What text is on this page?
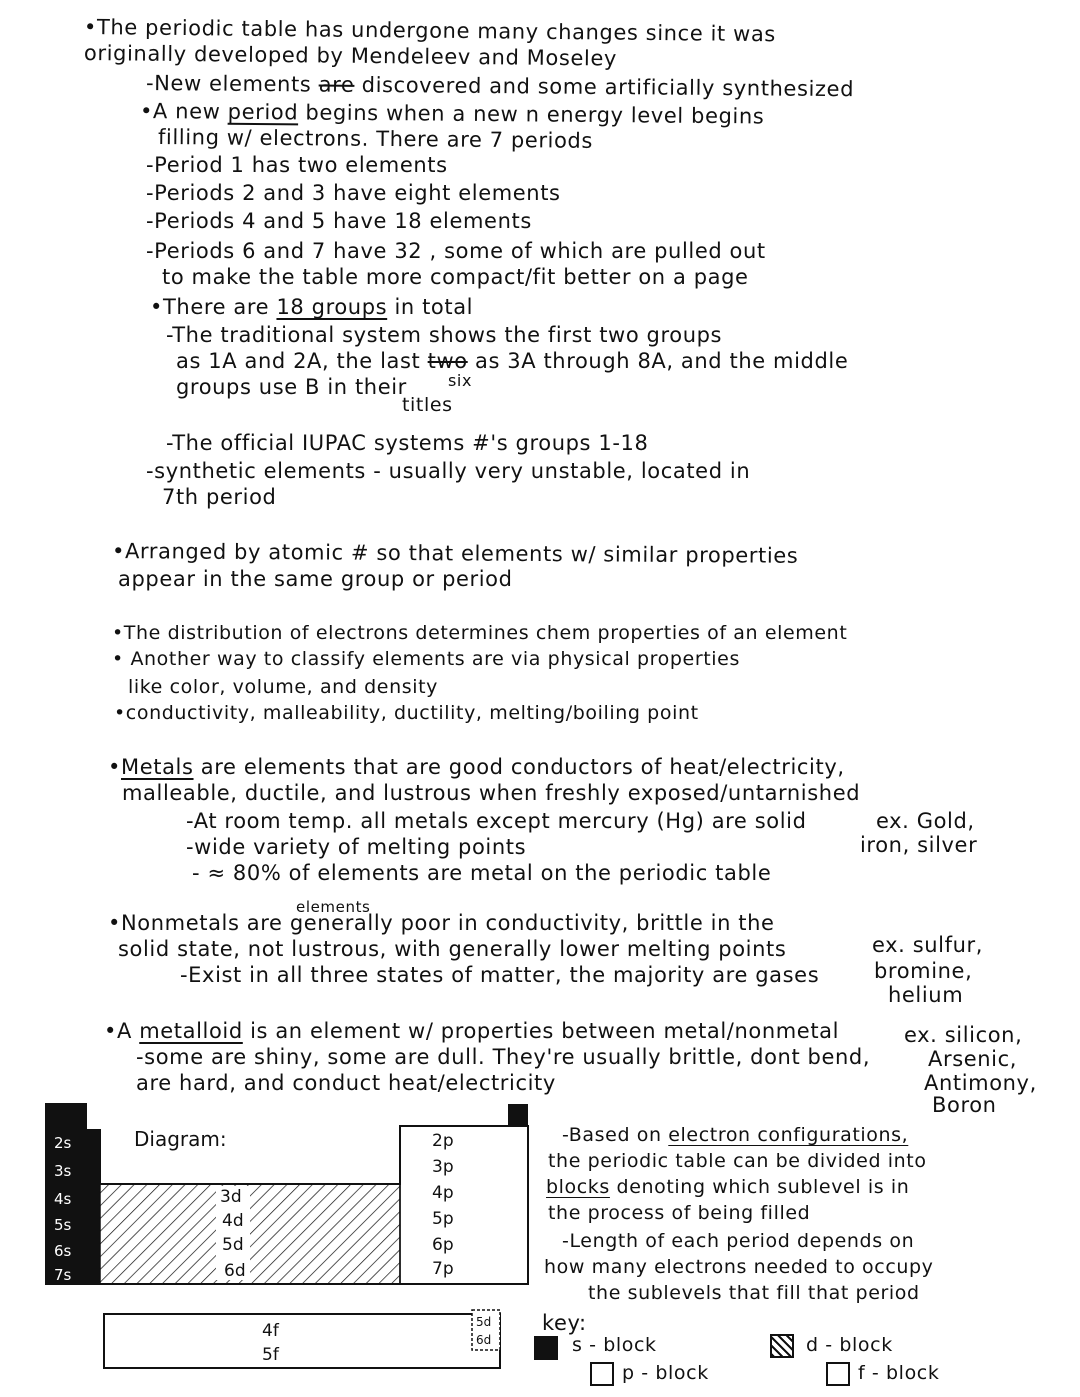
•The periodic table has undergone many changes since it was
originally developed by Mendeleev and Moseley
-New elements are discovered and some artificially synthesized
•A new period begins when a new n energy level begins
filling w/ electrons. There are 7 periods
-Period 1 has two elements
-Periods 2 and 3 have eight elements
-Periods 4 and 5 have 18 elements
-Periods 6 and 7 have 32 , some of which are pulled out
to make the table more compact/fit better on a page
•There are 18 groups in total
-The traditional system shows the first two groups
as 1A and 2A, the last two as 3A through 8A, and the middle
groups use B in their	six
titles
-The official IUPAC systems #'s groups 1-18
-synthetic elements - usually very unstable, located in
7th period
•Arranged by atomic # so that elements w/ similar properties
appear in the same group or period
•The distribution of electrons determines chem properties of an element
• Another way to classify elements are via physical properties
like color, volume, and density
•conductivity, malleability, ductility, melting/boiling point
•Metals are elements that are good conductors of heat/electricity,
malleable, ductile, and lustrous when freshly exposed/untarnished
-At room temp. all metals except mercury (Hg) are solid
-wide variety of melting points
- ≈ 80% of elements are metal on the periodic table
ex. Gold,
iron, silver
elements
•Nonmetals are generally poor in conductivity, brittle in the
solid state, not lustrous, with generally lower melting points
-Exist in all three states of matter, the majority are gases
ex. sulfur,
bromine,
helium
•A metalloid is an element w/ properties between metal/nonmetal
-some are shiny, some are dull. They're usually brittle, dont bend,
are hard, and conduct heat/electricity
ex. silicon,
Arsenic,
Antimony,
Boron
Diagram:
2s
3s
4s
5s
6s
7s
3d
4d
5d
6d
2p
3p
4p
5p
6p
7p
4f
5f
5d
6d
-Based on electron configurations,
the periodic table can be divided into
blocks denoting which sublevel is in
the process of being filled
-Length of each period depends on
how many electrons needed to occupy
the sublevels that fill that period
key:
s - block	d - block
p - block	f - block
